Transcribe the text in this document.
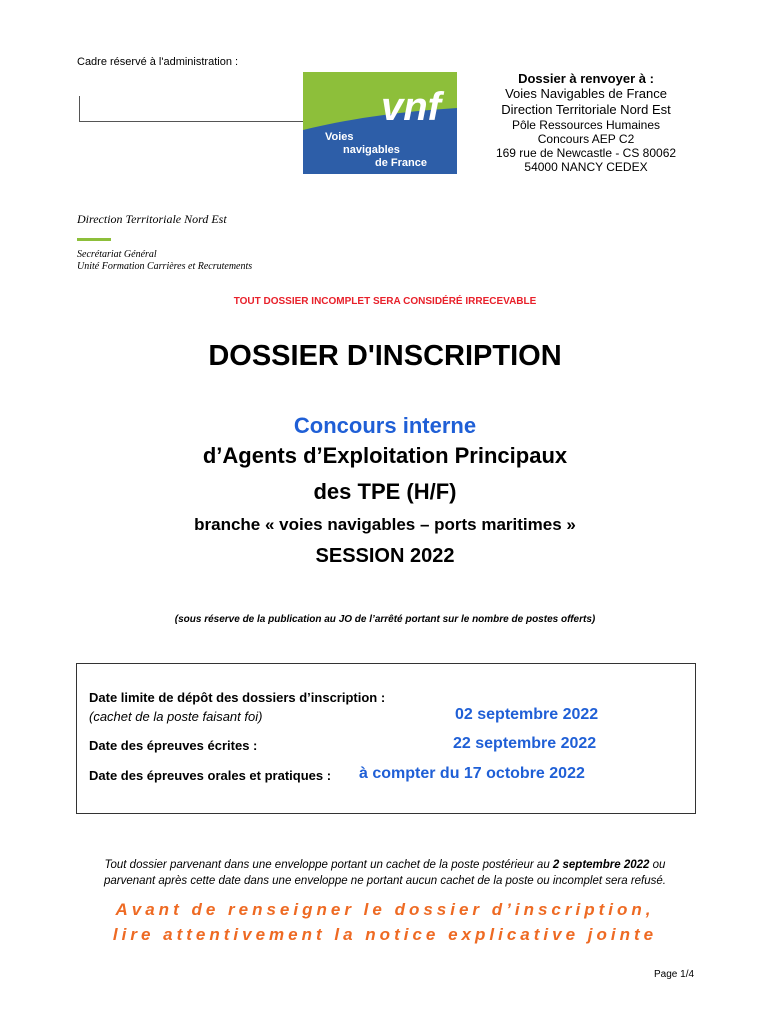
Cadre réservé à l'administration :
vnf
Voies
navigables
de France
Dossier à renvoyer à :
Voies Navigables de France
Direction Territoriale Nord Est
Pôle Ressources Humaines
Concours AEP C2
169 rue de Newcastle - CS 80062
54000 NANCY CEDEX
Direction Territoriale Nord Est
Secrétariat Général
Unité Formation Carrières et Recrutements
TOUT DOSSIER INCOMPLET SERA CONSIDÉRÉ IRRECEVABLE
DOSSIER D'INSCRIPTION
Concours interne
d’Agents d’Exploitation Principaux
des TPE (H/F)
branche « voies navigables – ports maritimes »
SESSION 2022
(sous réserve de la publication au JO de l’arrêté portant sur le nombre de postes offerts)
Date limite de dépôt des dossiers d’inscription :
(cachet de la poste faisant foi)	02 septembre 2022
Date des épreuves écrites :	22 septembre 2022
Date des épreuves orales et pratiques : à compter du 17 octobre 2022
Tout dossier parvenant dans une enveloppe portant un cachet de la poste postérieur au 2 septembre 2022 ou
parvenant après cette date dans une enveloppe ne portant aucun cachet de la poste ou incomplet sera refusé.
Avant de renseigner le dossier d’inscription,
lire attentivement la notice explicative jointe
Page 1/4
